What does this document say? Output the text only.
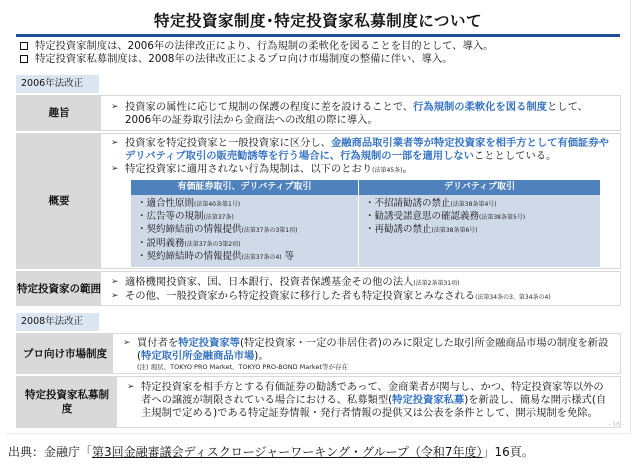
特定投資家制度･特定投資家私募制度について
特定投資家制度は、2006年の法律改正により、行為規制の柔軟化を図ることを目的として、導入。
特定投資家私募制度は、2008年の法律改正によるプロ向け市場制度の整備に伴い、導入。
2006年法改正
趣旨	➢ 投資家の属性に応じて規制の保護の程度に差を設けることで、行為規制の柔軟化を図る制度として、2006年の証券取引法から金商法への改組の際に導入。
概要
➢ 投資家を特定投資家と一般投資家に区分し、金融商品取引業者等が特定投資家を相手方として有価証券やデリバティブ取引の販売勧誘等を行う場合に、行為規制の一部を適用しないこととしている。
➢ 特定投資家に適用されない行為規制は、以下のとおり(法第45条)。
有価証券取引、デリバティブ取引	デリバティブ取引
・適合性原則(法第40条第1号)
・広告等の規制(法第37条)
・契約締結前の情報提供(法第37条の3第1項)
・説明義務(法第37条の3第2項)
・契約締結時の情報提供(法第37条の4) 等
・不招請勧誘の禁止(法第38条第4号)
・勧誘受諾意思の確認義務(法第38条第5号)
・再勧誘の禁止(法第38条第6号)
特定投資家の範囲
➢ 適格機関投資家、国、日本銀行、投資者保護基金その他の法人(法第2条第31項)
➢ その他、一般投資家から特定投資家に移行した者も特定投資家とみなされる(法第34条の3、第34条の4)
2008年法改正
プロ向け市場制度
➢ 買付者を特定投資家等(特定投資家・一定の非居住者)のみに限定した取引所金融商品市場の制度を新設(特定取引所金融商品市場)。
(注) 現状、TOKYO PRO Market、TOKYO PRO-BOND Market等が存在
特定投資家私募制度
➢ 特定投資家を相手方とする有価証券の勧誘であって、金商業者が関与し、かつ、特定投資家等以外の者への譲渡が制限されている場合における、私募類型(特定投資家私募)を新設し、簡易な開示様式(自主規制で定める)である特定証券情報・発行者情報の提供又は公表を条件として、開示規制を免除。
- 16 -
出典：金融庁「第3回金融審議会ディスクロージャーワーキング・グループ（令和7年度）」16頁。
